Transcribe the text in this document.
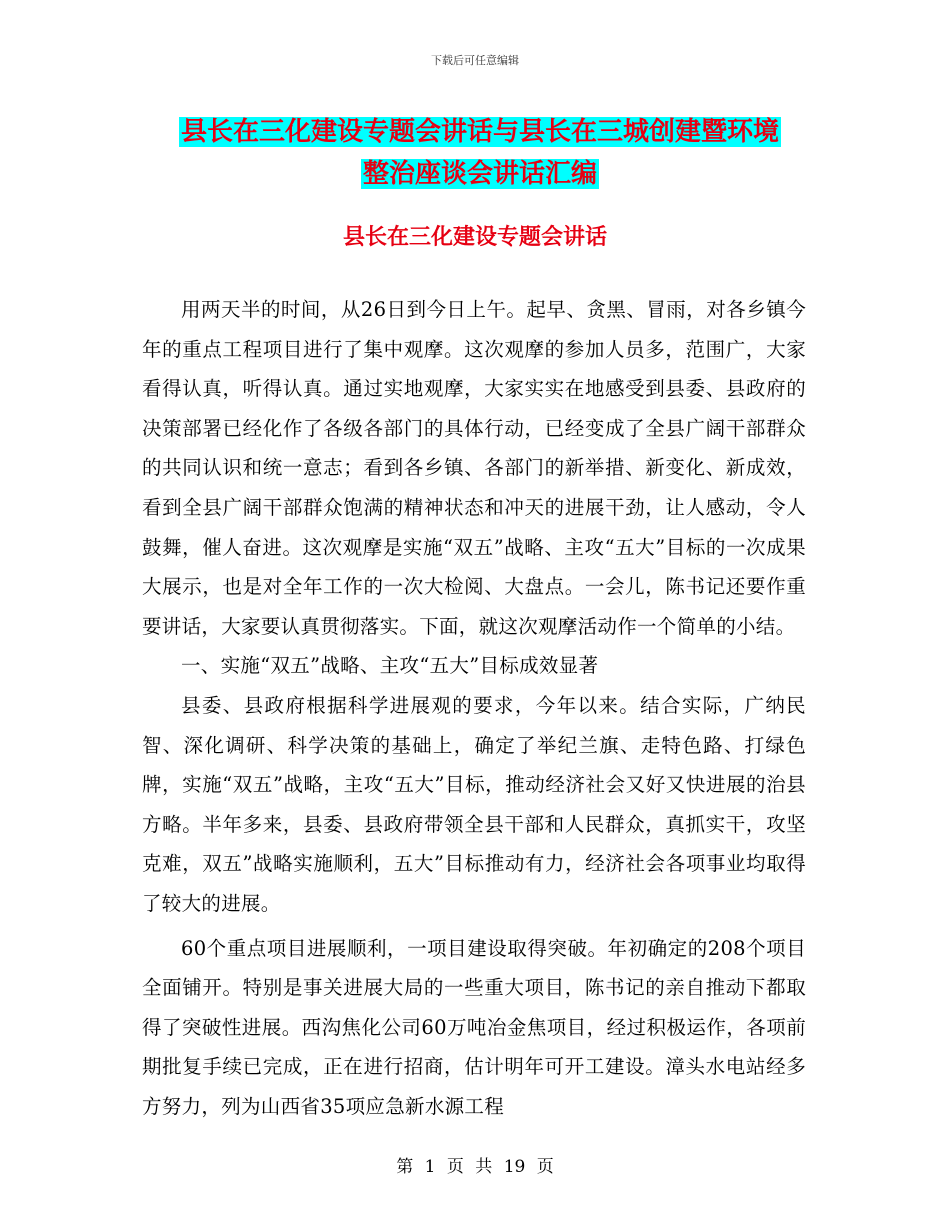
下载后可任意编辑
县长在三化建设专题会讲话与县长在三城创建暨环境
整治座谈会讲话汇编
县长在三化建设专题会讲话

用两天半的时间，从26日到今日上午。起早、贪黑、冒雨，对各乡镇今年的重点工程项目进行了集中观摩。这次观摩的参加人员多，范围广，大家看得认真，听得认真。通过实地观摩，大家实实在地感受到县委、县政府的决策部署已经化作了各级各部门的具体行动，已经变成了全县广阔干部群众的共同认识和统一意志；看到各乡镇、各部门的新举措、新变化、新成效，看到全县广阔干部群众饱满的精神状态和冲天的进展干劲，让人感动，令人鼓舞，催人奋进。这次观摩是实施“双五”战略、主攻“五大”目标的一次成果大展示，也是对全年工作的一次大检阅、大盘点。一会儿，陈书记还要作重要讲话，大家要认真贯彻落实。下面，就这次观摩活动作一个简单的小结。

一、实施“双五”战略、主攻“五大”目标成效显著

县委、县政府根据科学进展观的要求，今年以来。结合实际，广纳民智、深化调研、科学决策的基础上，确定了举纪兰旗、走特色路、打绿色牌，实施“双五”战略，主攻“五大”目标，推动经济社会又好又快进展的治县方略。半年多来，县委、县政府带领全县干部和人民群众，真抓实干，攻坚克难，双五”战略实施顺利，五大”目标推动有力，经济社会各项事业均取得了较大的进展。

60个重点项目进展顺利，一项目建设取得突破。年初确定的208个项目全面铺开。特别是事关进展大局的一些重大项目，陈书记的亲自推动下都取得了突破性进展。西沟焦化公司60万吨冶金焦项目，经过积极运作，各项前期批复手续已完成，正在进行招商，估计明年可开工建设。漳头水电站经多方努力，列为山西省35项应急新水源工程

第 1 页 共 19 页
